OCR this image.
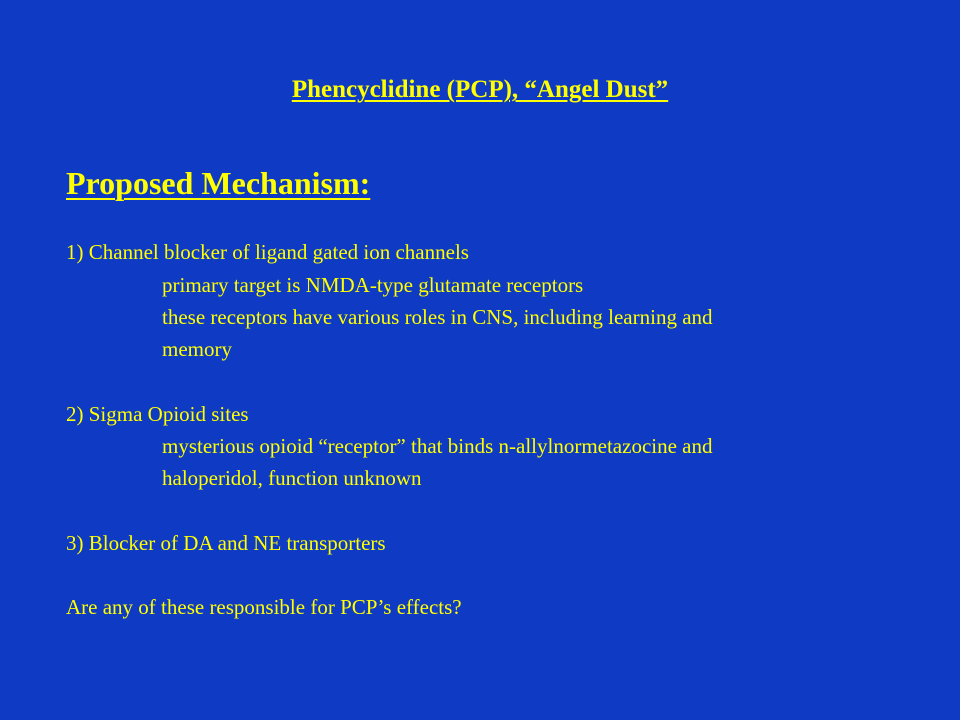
Phencyclidine (PCP), “Angel Dust”
Proposed Mechanism:
1) Channel blocker of ligand gated ion channels
primary target is NMDA-type glutamate receptors
these receptors have various roles in CNS, including learning and
memory
2) Sigma Opioid sites
mysterious opioid “receptor” that binds n-allylnormetazocine and
haloperidol, function unknown
3) Blocker of DA and NE transporters
Are any of these responsible for PCP’s effects?
